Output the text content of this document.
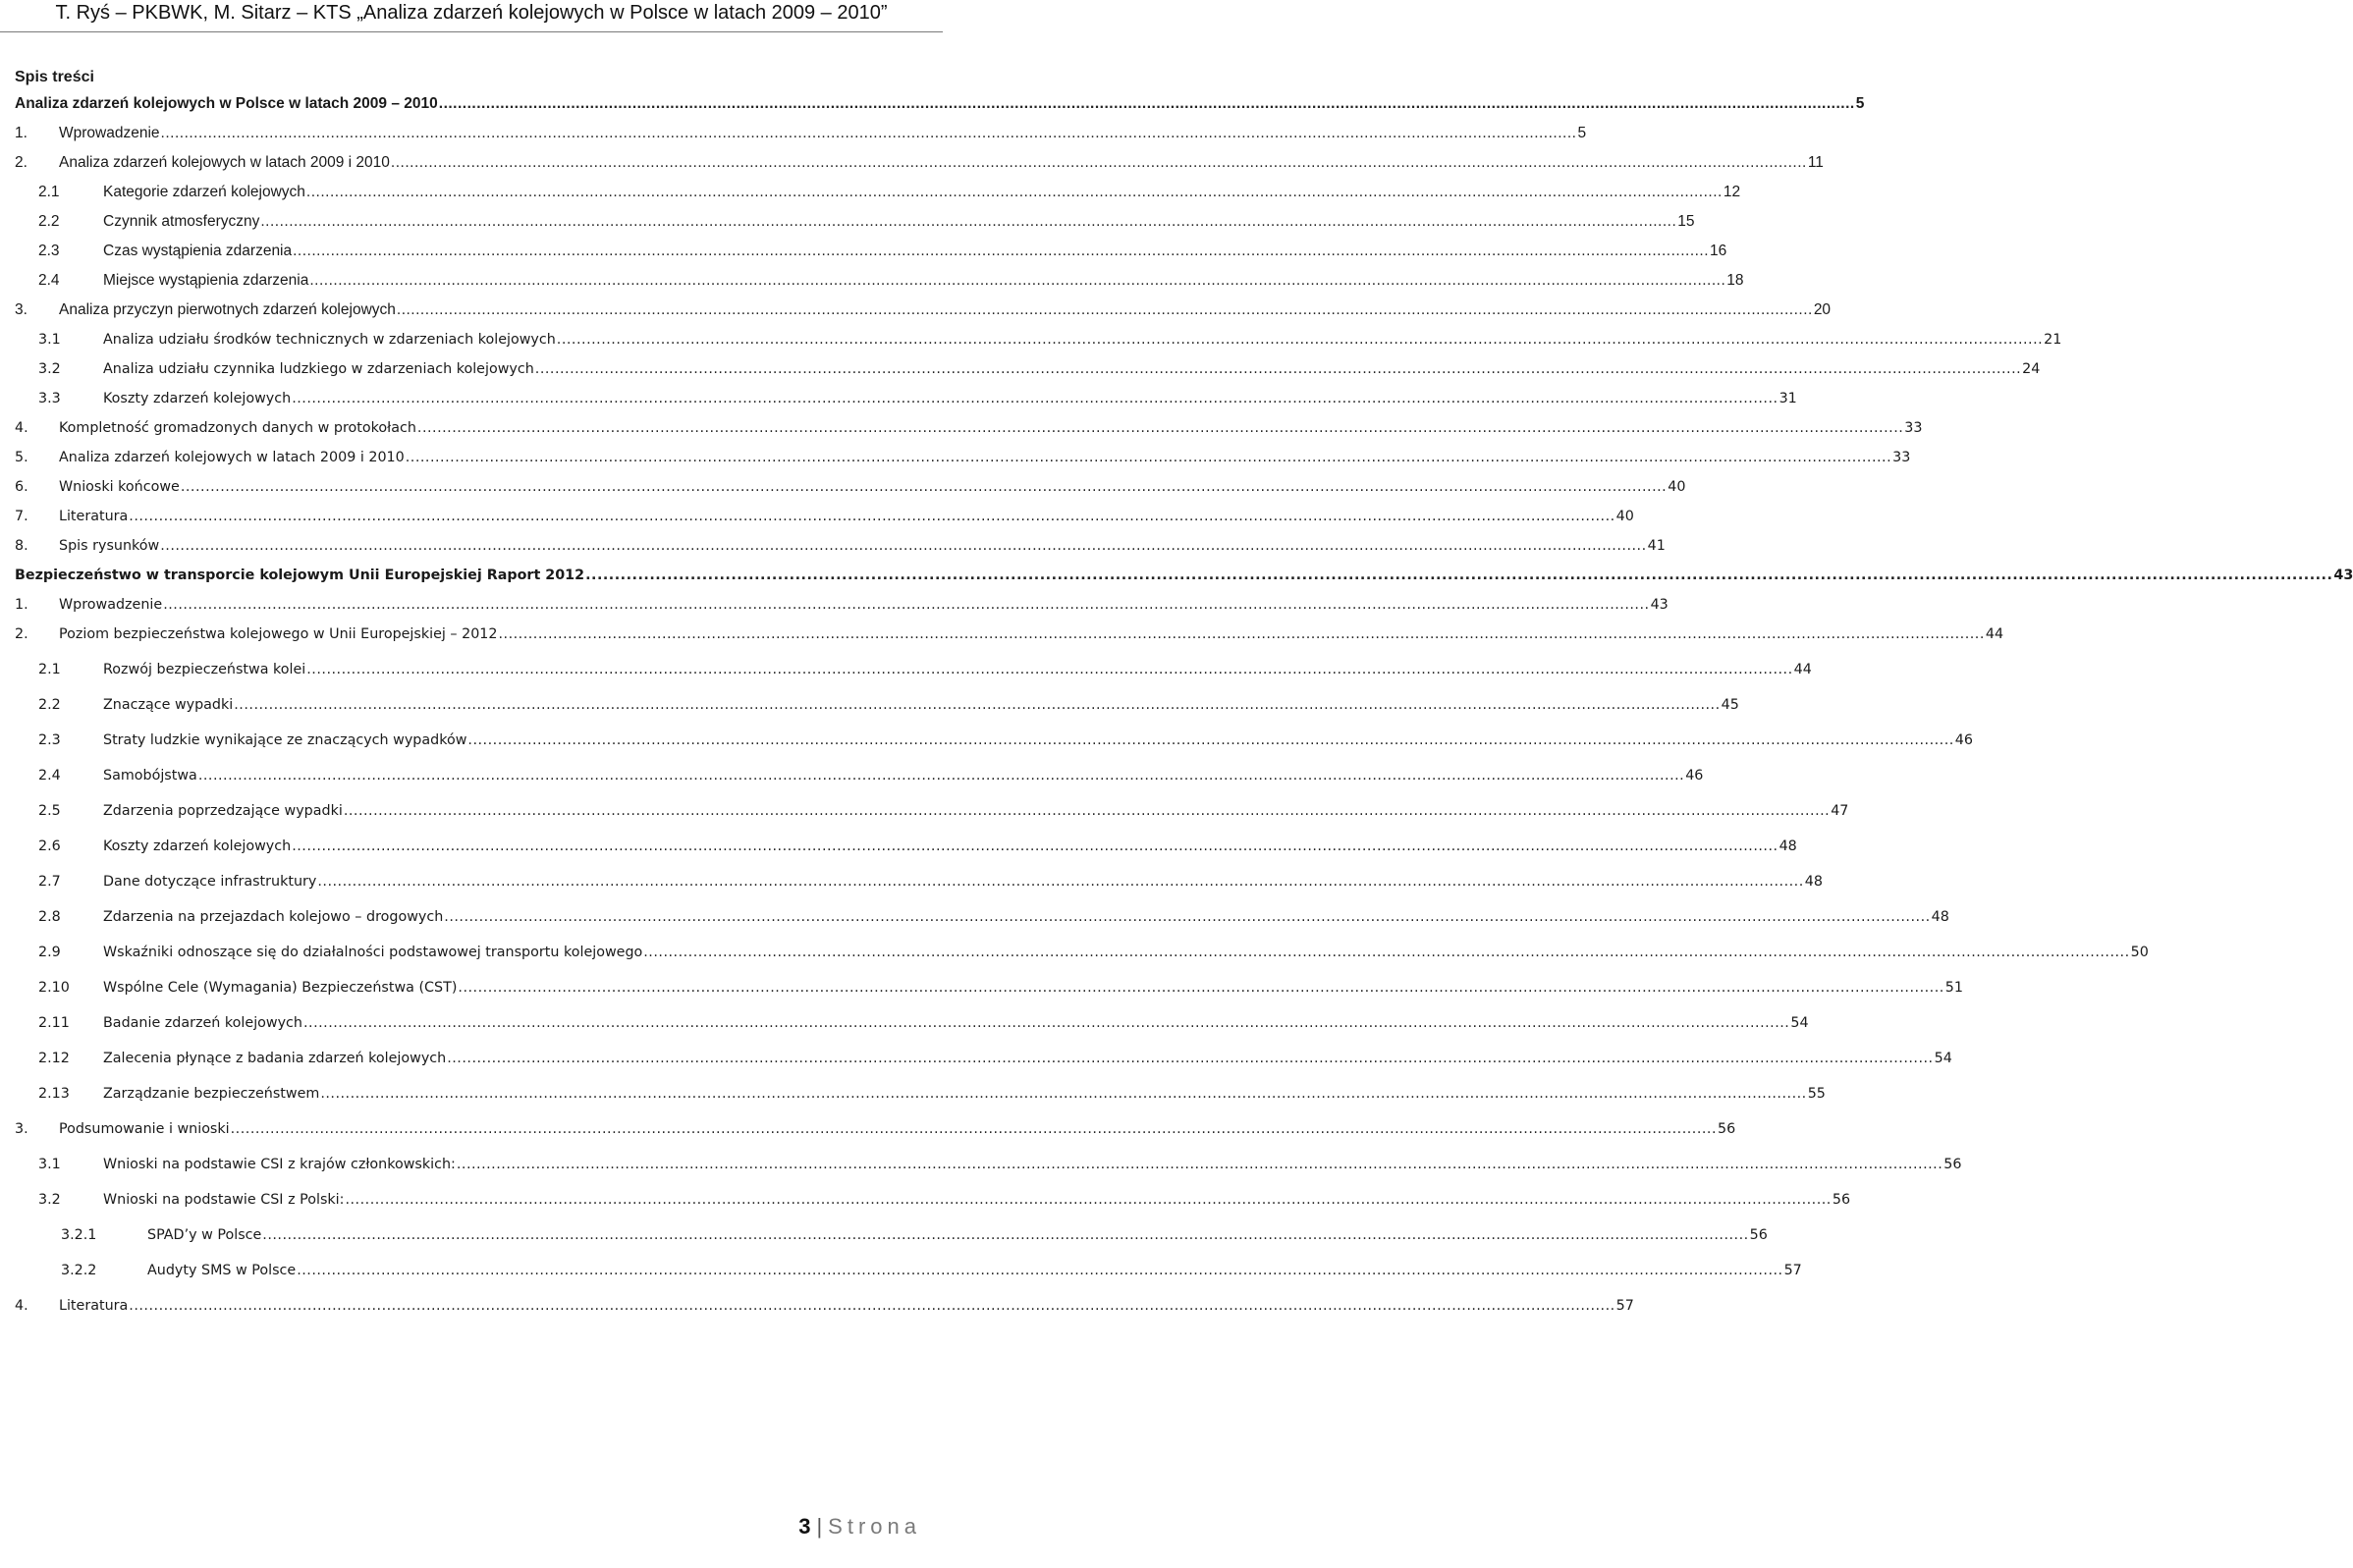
T. Ryś – PKBWK, M. Sitarz – KTS „Analiza zdarzeń kolejowych w Polsce w latach 2009 – 2010”
Spis treści
Analiza zdarzeń kolejowych w Polsce w latach 2009 – 2010 ............................................................................................................................................................................................................................................................................................................ 5
1. Wprowadzenie ............................................................................................................................................................................................................................................................................................................ 5
2. Analiza zdarzeń kolejowych w latach 2009 i 2010 ............................................................................................................................................................................................................................................................................................................ 11
2.1	Kategorie zdarzeń kolejowych ............................................................................................................................................................................................................................................................................................................ 12
2.2	Czynnik atmosferyczny ............................................................................................................................................................................................................................................................................................................ 15
2.3	Czas wystąpienia zdarzenia ............................................................................................................................................................................................................................................................................................................ 16
2.4	Miejsce wystąpienia zdarzenia ............................................................................................................................................................................................................................................................................................................ 18
3. Analiza przyczyn pierwotnych zdarzeń kolejowych ............................................................................................................................................................................................................................................................................................................ 20
3.1	Analiza udziału środków technicznych w zdarzeniach kolejowych ............................................................................................................................................................................................................................................................................................................ 21
3.2	Analiza udziału czynnika ludzkiego w zdarzeniach kolejowych ............................................................................................................................................................................................................................................................................................................ 24
3.3	Koszty zdarzeń kolejowych ............................................................................................................................................................................................................................................................................................................ 31
4. Kompletność gromadzonych danych w protokołach ............................................................................................................................................................................................................................................................................................................ 33
5. Analiza zdarzeń kolejowych w latach 2009 i 2010 ............................................................................................................................................................................................................................................................................................................ 33
6. Wnioski końcowe ............................................................................................................................................................................................................................................................................................................ 40
7. Literatura ............................................................................................................................................................................................................................................................................................................ 40
8. Spis rysunków ............................................................................................................................................................................................................................................................................................................ 41
Bezpieczeństwo w transporcie kolejowym Unii Europejskiej Raport 2012 ............................................................................................................................................................................................................................................................................................................ 43
1. Wprowadzenie ............................................................................................................................................................................................................................................................................................................ 43
2. Poziom bezpieczeństwa kolejowego w Unii Europejskiej – 2012 ............................................................................................................................................................................................................................................................................................................ 44
2.1	Rozwój bezpieczeństwa kolei ............................................................................................................................................................................................................................................................................................................ 44
2.2	Znaczące wypadki ............................................................................................................................................................................................................................................................................................................ 45
2.3	Straty ludzkie wynikające ze znaczących wypadków ............................................................................................................................................................................................................................................................................................................ 46
2.4	Samobójstwa ............................................................................................................................................................................................................................................................................................................ 46
2.5	Zdarzenia poprzedzające wypadki ............................................................................................................................................................................................................................................................................................................ 47
2.6	Koszty zdarzeń kolejowych ............................................................................................................................................................................................................................................................................................................ 48
2.7	Dane dotyczące infrastruktury ............................................................................................................................................................................................................................................................................................................ 48
2.8	Zdarzenia na przejazdach kolejowo – drogowych ............................................................................................................................................................................................................................................................................................................ 48
2.9	Wskaźniki odnoszące się do działalności podstawowej transportu kolejowego ............................................................................................................................................................................................................................................................................................................ 50
2.10 Wspólne Cele (Wymagania) Bezpieczeństwa (CST) ............................................................................................................................................................................................................................................................................................................ 51
2.11 Badanie zdarzeń kolejowych ............................................................................................................................................................................................................................................................................................................ 54
2.12 Zalecenia płynące z badania zdarzeń kolejowych ............................................................................................................................................................................................................................................................................................................ 54
2.13 Zarządzanie bezpieczeństwem ............................................................................................................................................................................................................................................................................................................ 55
3. Podsumowanie i wnioski ............................................................................................................................................................................................................................................................................................................ 56
3.1	Wnioski na podstawie CSI z krajów członkowskich: ............................................................................................................................................................................................................................................................................................................ 56
3.2	Wnioski na podstawie CSI z Polski: ............................................................................................................................................................................................................................................................................................................ 56
3.2.1	SPAD’y w Polsce ............................................................................................................................................................................................................................................................................................................ 56
3.2.2	Audyty SMS w Polsce ............................................................................................................................................................................................................................................................................................................ 57
4. Literatura ............................................................................................................................................................................................................................................................................................................ 57
3 | Strona
